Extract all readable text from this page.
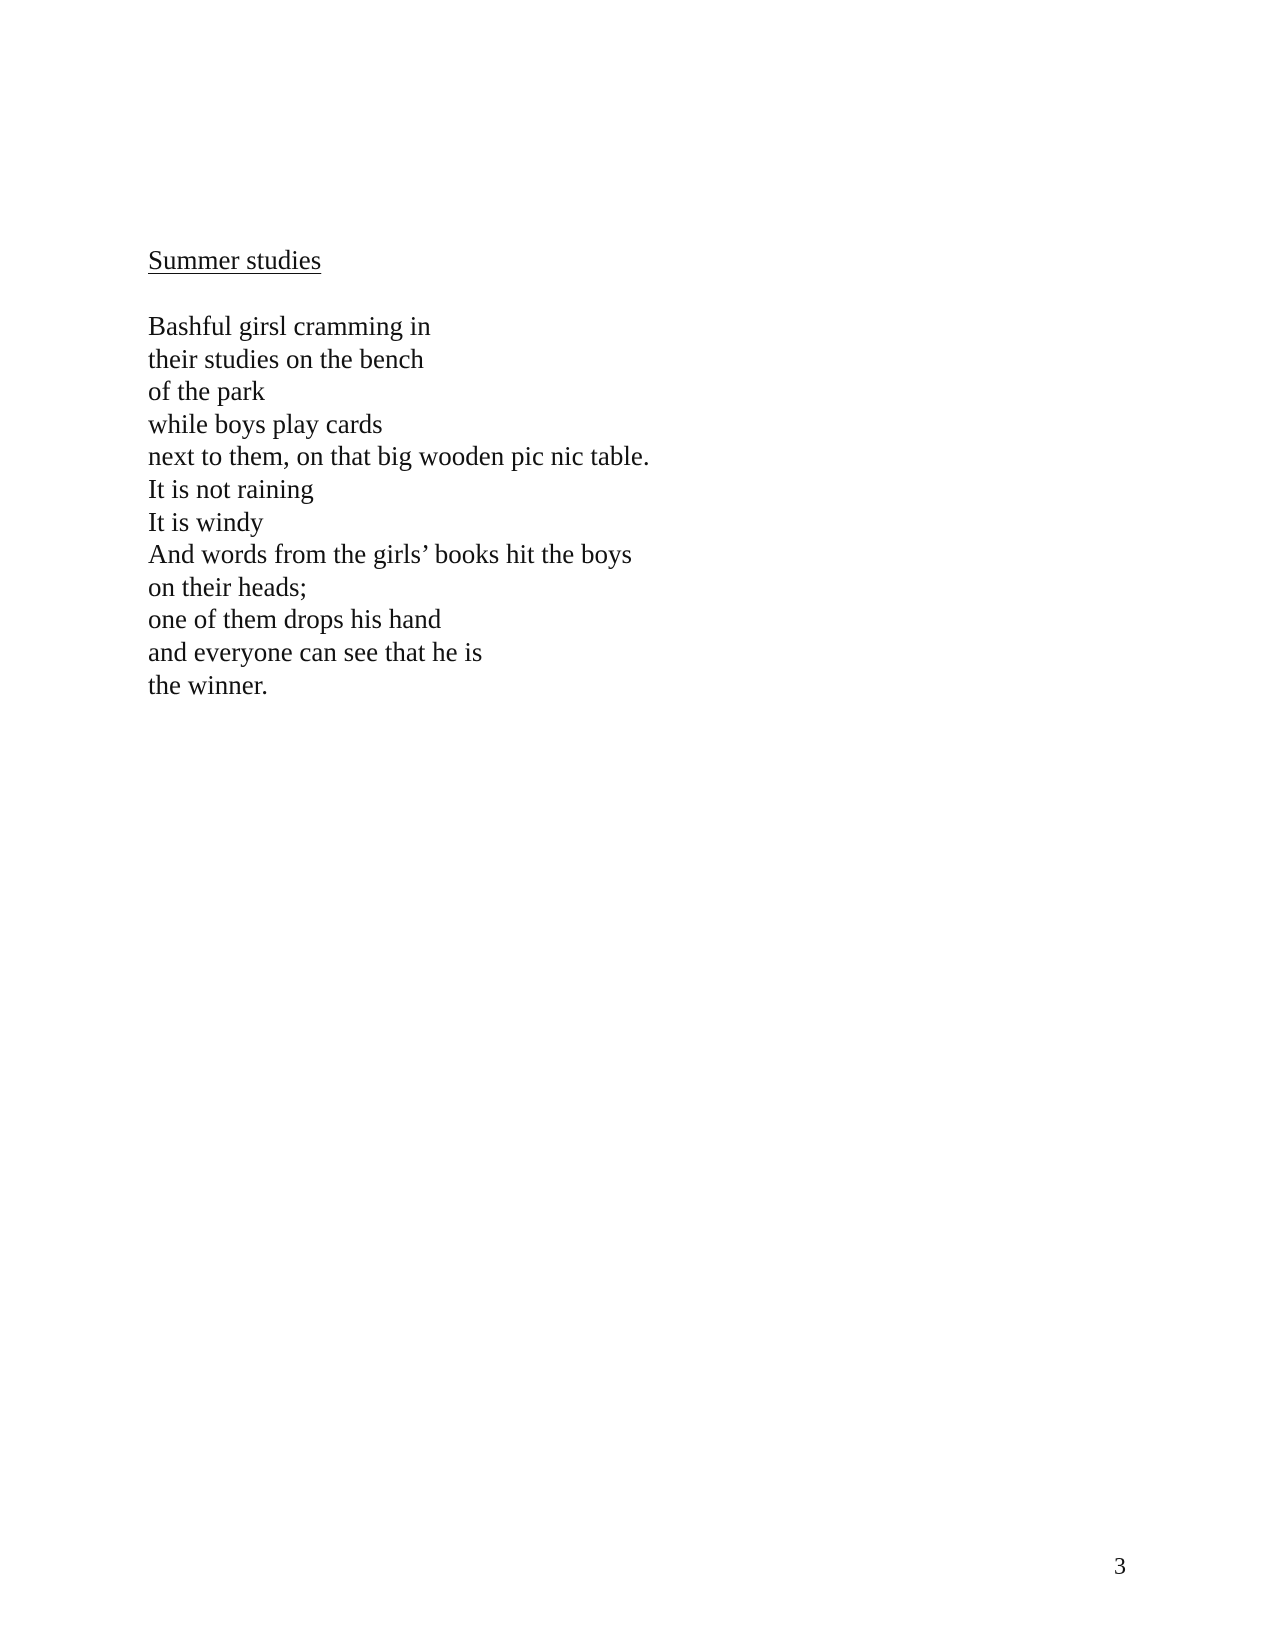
Summer studies
Bashful girsl cramming in
their studies on the bench
of the park
while boys play cards
next to them, on that big wooden pic nic table.
It is not raining
It is windy
And words from the girls’ books hit the boys
on their heads;
one of them drops his hand
and everyone can see that he is
the winner.
3
